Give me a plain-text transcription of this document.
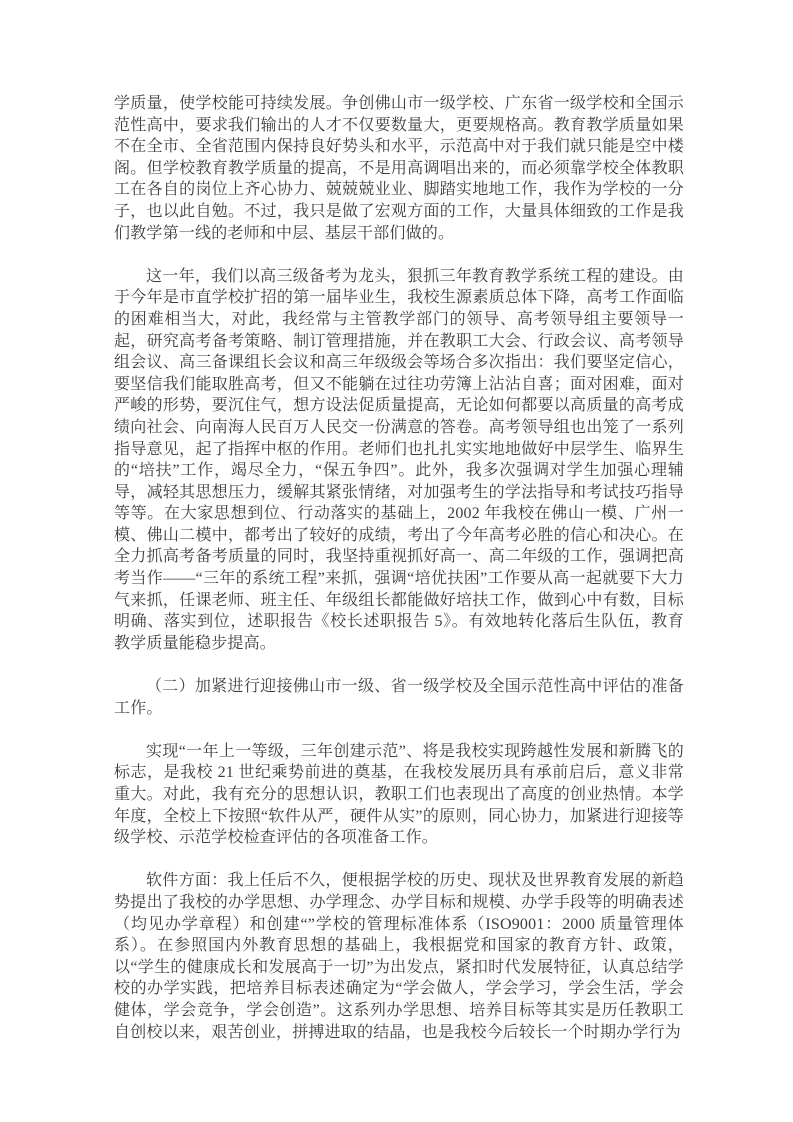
学质量，使学校能可持续发展。争创佛山市一级学校、广东省一级学校和全国示范性高中，要求我们输出的人才不仅要数量大，更要规格高。教育教学质量如果不在全市、全省范围内保持良好势头和水平，示范高中对于我们就只能是空中楼阁。但学校教育教学质量的提高，不是用高调唱出来的，而必须靠学校全体教职工在各自的岗位上齐心协力、兢兢兢业业、脚踏实地地工作，我作为学校的一分子，也以此自勉。不过，我只是做了宏观方面的工作，大量具体细致的工作是我们教学第一线的老师和中层、基层干部们做的。

这一年，我们以高三级备考为龙头，狠抓三年教育教学系统工程的建设。由于今年是市直学校扩招的第一届毕业生，我校生源素质总体下降，高考工作面临的困难相当大，对此，我经常与主管教学部门的领导、高考领导组主要领导一起，研究高考备考策略、制订管理措施，并在教职工大会、行政会议、高考领导组会议、高三备课组长会议和高三年级级会等场合多次指出：我们要坚定信心，要坚信我们能取胜高考，但又不能躺在过往功劳簿上沾沾自喜；面对困难，面对严峻的形势，要沉住气，想方设法促质量提高，无论如何都要以高质量的高考成绩向社会、向南海人民百万人民交一份满意的答卷。高考领导组也出笼了一系列指导意见，起了指挥中枢的作用。老师们也扎扎实实地地做好中层学生、临界生的“培扶”工作，竭尽全力，“保五争四”。此外，我多次强调对学生加强心理辅导，减轻其思想压力，缓解其紧张情绪，对加强考生的学法指导和考试技巧指导等等。在大家思想到位、行动落实的基础上，2002 年我校在佛山一模、广州一模、佛山二模中，都考出了较好的成绩，考出了今年高考必胜的信心和决心。在全力抓高考备考质量的同时，我坚持重视抓好高一、高二年级的工作，强调把高考当作——“三年的系统工程”来抓，强调“培优扶困”工作要从高一起就要下大力气来抓，任课老师、班主任、年级组长都能做好培扶工作，做到心中有数，目标明确、落实到位，述职报告《校长述职报告 5》。有效地转化落后生队伍，教育教学质量能稳步提高。

（二）加紧进行迎接佛山市一级、省一级学校及全国示范性高中评估的准备工作。

实现“一年上一等级，三年创建示范”、将是我校实现跨越性发展和新腾飞的标志，是我校 21 世纪乘势前进的奠基，在我校发展历具有承前启后，意义非常重大。对此，我有充分的思想认识，教职工们也表现出了高度的创业热情。本学年度，全校上下按照“软件从严，硬件从实”的原则，同心协力，加紧进行迎接等级学校、示范学校检查评估的各项准备工作。

软件方面：我上任后不久，便根据学校的历史、现状及世界教育发展的新趋势提出了我校的办学思想、办学理念、办学目标和规模、办学手段等的明确表述（均见办学章程）和创建“”学校的管理标准体系（ISO9001：2000 质量管理体系）。在参照国内外教育思想的基础上，我根据党和国家的教育方针、政策，以“学生的健康成长和发展高于一切”为出发点，紧扣时代发展特征，认真总结学校的办学实践，把培养目标表述确定为“学会做人，学会学习，学会生活，学会健体，学会竞争，学会创造”。这系列办学思想、培养目标等其实是历任教职工自创校以来，艰苦创业，拼搏进取的结晶，也是我校今后较长一个时期办学行为
